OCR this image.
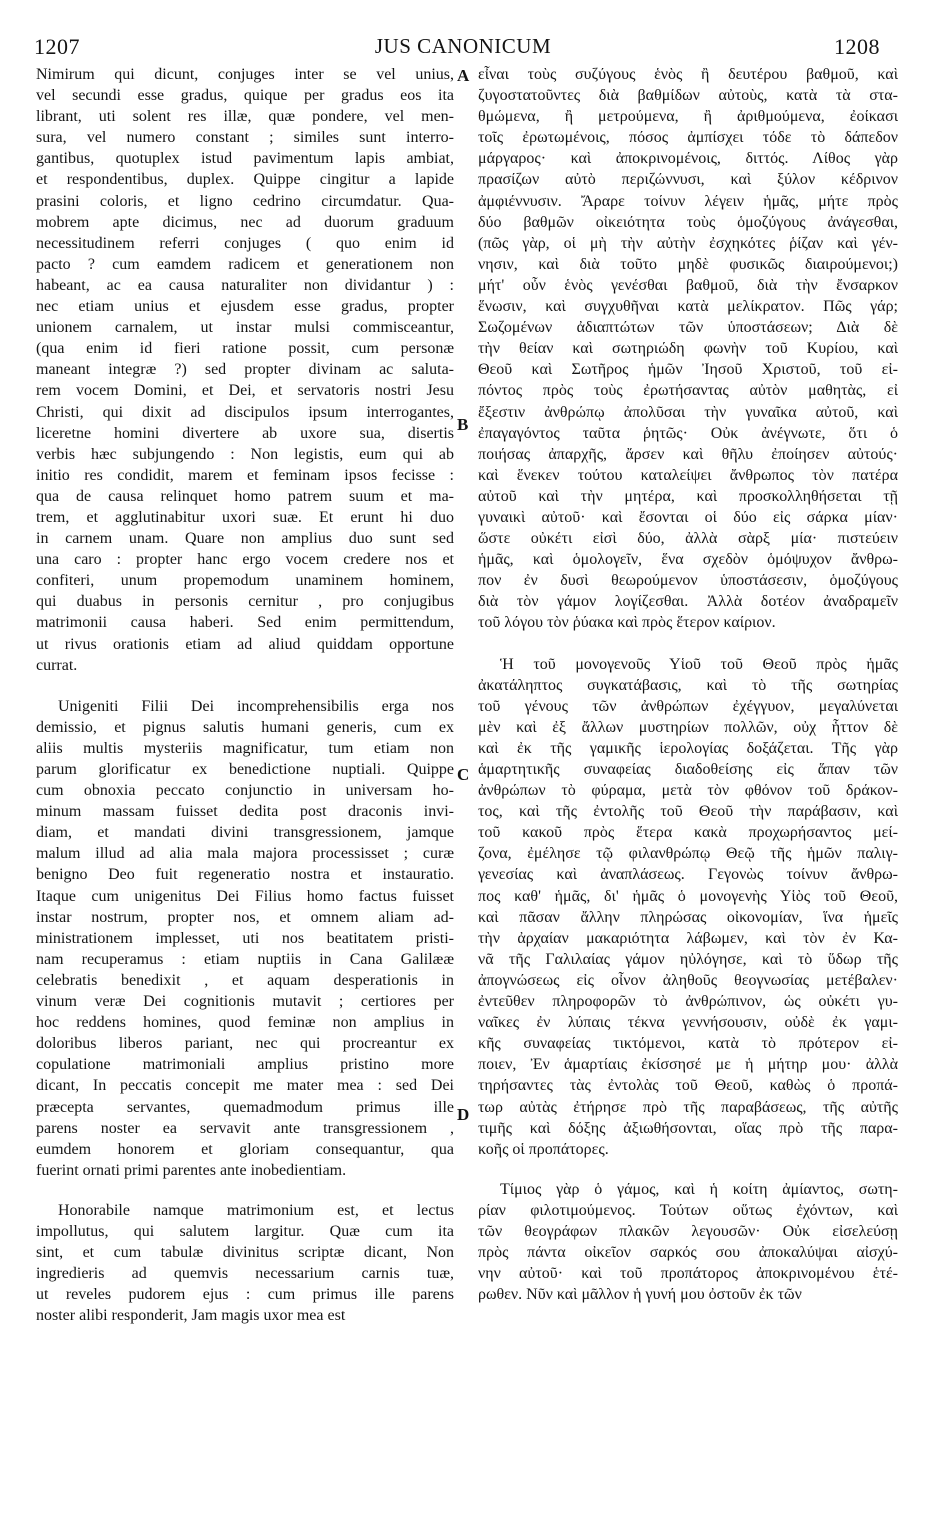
1207	JUS CANONICUM	1208
Nimirum qui dicunt, conjuges inter se vel unius,
vel secundi esse gradus, quique per gradus eos ita
librant, uti solent res illæ, quæ pondere, vel men-
sura, vel numero constant ; similes sunt interro-
gantibus, quotuplex istud pavimentum lapis ambiat,
et respondentibus, duplex. Quippe cingitur a lapide
prasini coloris, et ligno cedrino circumdatur. Qua-
mobrem apte dicimus, nec ad duorum graduum
necessitudinem referri conjuges ( quo enim id
pacto ? cum eamdem radicem et generationem non
habeant, ac ea causa naturaliter non dividantur ) :
nec etiam unius et ejusdem esse gradus, propter
unionem carnalem, ut instar mulsi commisceantur,
(qua enim id fieri ratione possit, cum personæ
maneant integræ ?) sed propter divinam ac saluta-
rem vocem Domini, et Dei, et servatoris nostri Jesu
Christi, qui dixit ad discipulos ipsum interrogantes,
liceretne homini divertere ab uxore sua, disertis
verbis hæc subjungendo : Non legistis, eum qui ab
initio res condidit, marem et feminam ipsos fecisse :
qua de causa relinquet homo patrem suum et ma-
trem, et agglutinabitur uxori suæ. Et erunt hi duo
in carnem unam. Quare non amplius duo sunt sed
una caro : propter hanc ergo vocem credere nos et
confiteri, unum propemodum unaminem hominem,
qui duabus in personis cernitur , pro conjugibus
matrimonii causa haberi. Sed enim permittendum,
ut rivus orationis etiam ad aliud quiddam opportune
currat.
Unigeniti Filii Dei incomprehensibilis erga nos
demissio, et pignus salutis humani generis, cum ex
aliis multis mysteriis magnificatur, tum etiam non
parum glorificatur ex benedictione nuptiali. Quippe
cum obnoxia peccato conjunctio in universam ho-
minum massam fuisset dedita post draconis invi-
diam, et mandati divini transgressionem, jamque
malum illud ad alia mala majora processisset ; curæ
benigno Deo fuit regeneratio nostra et instauratio.
Itaque cum unigenitus Dei Filius homo factus fuisset
instar nostrum, propter nos, et omnem aliam ad-
ministrationem implesset, uti nos beatitatem pristi-
nam recuperamus : etiam nuptiis in Cana Galilææ
celebratis benedixit , et aquam desperationis in
vinum veræ Dei cognitionis mutavit ; certiores per
hoc reddens homines, quod feminæ non amplius in
doloribus liberos pariant, nec qui procreantur ex
copulatione matrimoniali amplius pristino more
dicant, In peccatis concepit me mater mea : sed Dei
præcepta servantes, quemadmodum primus ille
parens noster ea servavit ante transgressionem ,
eumdem honorem et gloriam consequantur, qua
fuerint ornati primi parentes ante inobedientiam.
Honorabile namque matrimonium est, et lectus
impollutus, qui salutem largitur. Quæ cum ita
sint, et cum tabulæ divinitus scriptæ dicant, Non
ingredieris ad quemvis necessarium carnis tuæ,
ut reveles pudorem ejus : cum primus ille parens
noster alibi responderit, Jam magis uxor mea est
εἶναι τοὺς συζύγους ἑνὸς ἢ δευτέρου βαθμοῦ, καὶ
ζυγοστατοῦντες διὰ βαθμίδων αὐτοὺς, κατὰ τὰ στα-
θμώμενα, ἢ μετρούμενα, ἢ ἀριθμούμενα, ἐοίκασι
τοῖς ἐρωτωμένοις, πόσος ἀμπίσχει τόδε τὸ δάπεδον
μάργαρος· καὶ ἀποκρινομένοις, διττός. Λίθος γὰρ
πρασίζων αὐτὸ περιζώννυσι, καὶ ξύλον κέδρινον
ἀμφιέννυσιν. Ἄραρε τοίνυν λέγειν ἡμᾶς, μήτε πρὸς
δύο βαθμῶν οἰκειότητα τοὺς ὁμοζύγους ἀνάγεσθαι,
(πῶς γὰρ, οἱ μὴ τὴν αὐτὴν ἐσχηκότες ῥίζαν καὶ γέν-
νησιν, καὶ διὰ τοῦτο μηδὲ φυσικῶς διαιρούμενοι;)
μήτ' οὖν ἑνὸς γενέσθαι βαθμοῦ, διὰ τὴν ἔνσαρκον
ἕνωσιν, καὶ συγχυθῆναι κατὰ μελίκρατον. Πῶς γάρ;
Σωζομένων ἀδιαπτώτων τῶν ὑποστάσεων; Διὰ δὲ
τὴν θείαν καὶ σωτηριώδη φωνὴν τοῦ Κυρίου, καὶ
Θεοῦ καὶ Σωτῆρος ἡμῶν Ἰησοῦ Χριστοῦ, τοῦ εἰ-
πόντος πρὸς τοὺς ἐρωτήσαντας αὐτὸν μαθητὰς, εἰ
ἔξεστιν ἀνθρώπῳ ἀπολῦσαι τὴν γυναῖκα αὐτοῦ, καὶ
ἐπαγαγόντος ταῦτα ῥητῶς· Οὐκ ἀνέγνωτε, ὅτι ὁ
ποιήσας ἀπαρχῆς, ἄρσεν καὶ θῆλυ ἐποίησεν αὐτούς·
καὶ ἕνεκεν τούτου καταλείψει ἄνθρωπος τὸν πατέρα
αὐτοῦ καὶ τὴν μητέρα, καὶ προσκολληθήσεται τῇ
γυναικὶ αὐτοῦ· καὶ ἔσονται οἱ δύο εἰς σάρκα μίαν·
ὥστε οὐκέτι εἰσὶ δύο, ἀλλὰ σὰρξ μία· πιστεύειν
ἡμᾶς, καὶ ὁμολογεῖν, ἕνα σχεδὸν ὁμόψυχον ἄνθρω-
πον ἐν δυσὶ θεωρούμενον ὑποστάσεσιν, ὁμοζύγους
διὰ τὸν γάμον λογίζεσθαι. Ἀλλὰ δοτέον ἀναδραμεῖν
τοῦ λόγου τὸν ῥύακα καὶ πρὸς ἕτερον καίριον.
Ἡ τοῦ μονογενοῦς Υἱοῦ τοῦ Θεοῦ πρὸς ἡμᾶς
ἀκατάληπτος συγκατάβασις, καὶ τὸ τῆς σωτηρίας
τοῦ γένους τῶν ἀνθρώπων ἐχέγγυον, μεγαλύνεται
μὲν καὶ ἐξ ἄλλων μυστηρίων πολλῶν, οὐχ ἧττον δὲ
καὶ ἐκ τῆς γαμικῆς ἱερολογίας δοξάζεται. Τῆς γὰρ
ἁμαρτητικῆς συναφείας διαδοθείσης εἰς ἅπαν τῶν
ἀνθρώπων τὸ φύραμα, μετὰ τὸν φθόνον τοῦ δράκον-
τος, καὶ τῆς ἐντολῆς τοῦ Θεοῦ τὴν παράβασιν, καὶ
τοῦ κακοῦ πρὸς ἕτερα κακὰ προχωρήσαντος μεί-
ζονα, ἐμέλησε τῷ φιλανθρώπῳ Θεῷ τῆς ἡμῶν παλιγ-
γενεσίας καὶ ἀναπλάσεως. Γεγονὼς τοίνυν ἄνθρω-
πος καθ' ἡμᾶς, δι' ἡμᾶς ὁ μονογενὴς Υἱὸς τοῦ Θεοῦ,
καὶ πᾶσαν ἄλλην πληρώσας οἰκονομίαν, ἵνα ἡμεῖς
τὴν ἀρχαίαν μακαριότητα λάβωμεν, καὶ τὸν ἐν Κα-
νᾶ τῆς Γαλιλαίας γάμον ηὐλόγησε, καὶ τὸ ὕδωρ τῆς
ἀπογνώσεως εἰς οἶνον ἀληθοῦς θεογνωσίας μετέβαλεν·
ἐντεῦθεν πληροφορῶν τὸ ἀνθρώπινον, ὡς οὐκέτι γυ-
ναῖκες ἐν λύπαις τέκνα γεννήσουσιν, οὐδὲ ἐκ γαμι-
κῆς συναφείας τικτόμενοι, κατὰ τὸ πρότερον εἰ-
ποιεν, Ἐν ἁμαρτίαις ἐκίσσησέ με ἡ μήτηρ μου· ἀλλὰ
τηρήσαντες τὰς ἐντολὰς τοῦ Θεοῦ, καθὼς ὁ προπά-
τωρ αὐτὰς ἐτήρησε πρὸ τῆς παραβάσεως, τῆς αὐτῆς
τιμῆς καὶ δόξης ἀξιωθήσονται, οἵας πρὸ τῆς παρα-
κοῆς οἱ προπάτορες.
Τίμιος γὰρ ὁ γάμος, καὶ ἡ κοίτη ἀμίαντος, σωτη-
ρίαν φιλοτιμούμενος. Τούτων οὕτως ἐχόντων, καὶ
τῶν θεογράφων πλακῶν λεγουσῶν· Οὐκ εἰσελεύσῃ
πρὸς πάντα οἰκεῖον σαρκός σου ἀποκαλύψαι αἰσχύ-
νην αὐτοῦ· καὶ τοῦ προπάτορος ἀποκρινομένου ἑτέ-
ρωθεν. Νῦν καὶ μᾶλλον ἡ γυνή μου ὀστοῦν ἐκ τῶν
A
B
C
D
